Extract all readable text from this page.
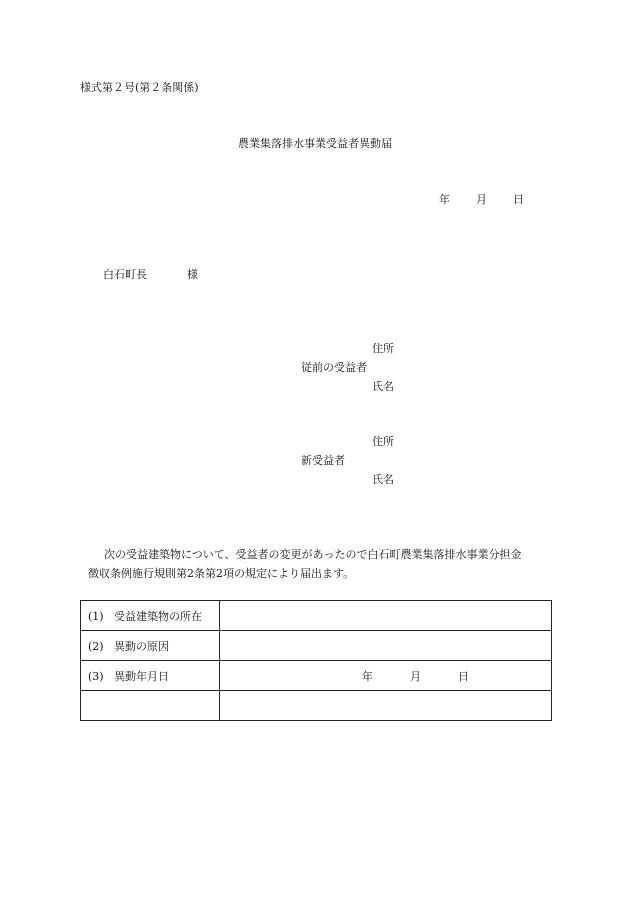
様式第２号(第２条関係)
農業集落排水事業受益者異動届
年 月 日
白石町長	様
住所
従前の受益者
氏名
住所
新受益者
氏名
次の受益建築物について、受益者の変更があったので白石町農業集落排水事業分担金
徴収条例施行規則第2条第2項の規定により届出ます。
(1) 受益建築物の所在	
(2) 異動の原因	
(3) 異動年月日	年 月 日
